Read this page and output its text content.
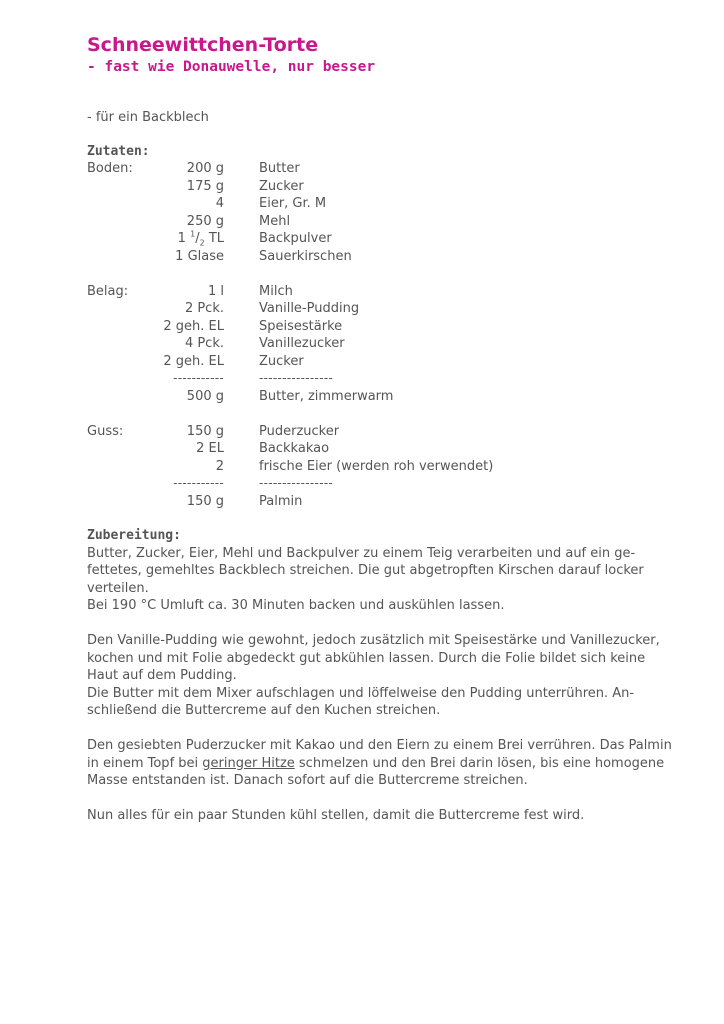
Schneewittchen-Torte
- fast wie Donauwelle, nur besser
- für ein Backblech
Zutaten:
Boden:	200 g	Butter
175 g	Zucker
4	Eier, Gr. M
250 g	Mehl
1 $^1/_2$ TL	Backpulver
1 Glase	Sauerkirschen
Belag:	1 l	Milch
2 Pck.	Vanille-Pudding
2 geh. EL	Speisestärke
4 Pck.	Vanillezucker
2 geh. EL	Zucker
-----------	----------------
500 g	Butter, zimmerwarm
Guss:	150 g	Puderzucker
2 EL	Backkakao
2	frische Eier (werden roh verwendet)
-----------	----------------
150 g	Palmin
Zubereitung:
Butter, Zucker, Eier, Mehl und Backpulver zu einem Teig verarbeiten und auf ein ge-
fettetes, gemehltes Backblech streichen. Die gut abgetropften Kirschen darauf locker
verteilen.
Bei 190 °C Umluft ca. 30 Minuten backen und auskühlen lassen.
Den Vanille-Pudding wie gewohnt, jedoch zusätzlich mit Speisestärke und Vanillezucker,
kochen und mit Folie abgedeckt gut abkühlen lassen. Durch die Folie bildet sich keine
Haut auf dem Pudding.
Die Butter mit dem Mixer aufschlagen und löffelweise den Pudding unterrühren. An-
schließend die Buttercreme auf den Kuchen streichen.
Den gesiebten Puderzucker mit Kakao und den Eiern zu einem Brei verrühren. Das Palmin
in einem Topf bei geringer Hitze schmelzen und den Brei darin lösen, bis eine homogene
Masse entstanden ist. Danach sofort auf die Buttercreme streichen.
Nun alles für ein paar Stunden kühl stellen, damit die Buttercreme fest wird.
